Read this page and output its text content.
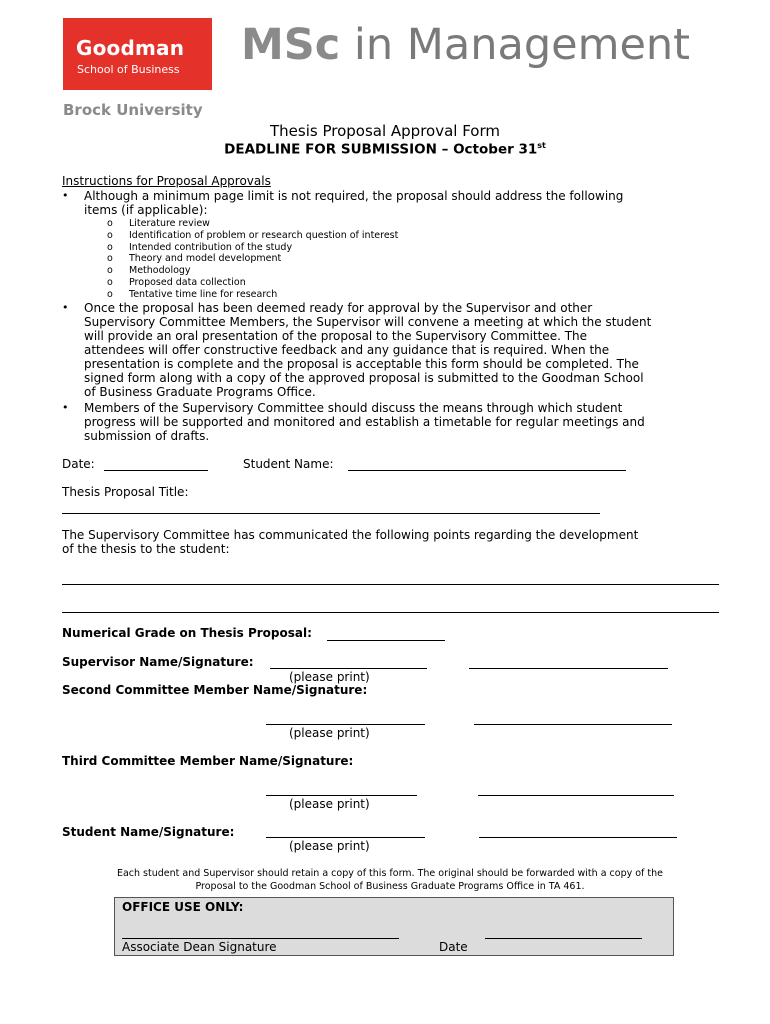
Goodman
School of Business MSc in Management
Brock University
Thesis Proposal Approval Form
DEADLINE FOR SUBMISSION – October 31st
Instructions for Proposal Approvals
• Although a minimum page limit is not required, the proposal should address the following
items (if applicable):
o Literature review
o Identification of problem or research question of interest
o Intended contribution of the study
o Theory and model development
o Methodology
o Proposed data collection
o Tentative time line for research
• Once the proposal has been deemed ready for approval by the Supervisor and other
Supervisory Committee Members, the Supervisor will convene a meeting at which the student
will provide an oral presentation of the proposal to the Supervisory Committee. The
attendees will offer constructive feedback and any guidance that is required. When the
presentation is complete and the proposal is acceptable this form should be completed. The
signed form along with a copy of the approved proposal is submitted to the Goodman School
of Business Graduate Programs Office.
• Members of the Supervisory Committee should discuss the means through which student
progress will be supported and monitored and establish a timetable for regular meetings and
submission of drafts.
Date:	Student Name:
Thesis Proposal Title:
The Supervisory Committee has communicated the following points regarding the development
of the thesis to the student:
Numerical Grade on Thesis Proposal:
Supervisor Name/Signature:
(please print)
Second Committee Member Name/Signature:
(please print)
Third Committee Member Name/Signature:
(please print)
Student Name/Signature:
(please print)
Each student and Supervisor should retain a copy of this form. The original should be forwarded with a copy of the
Proposal to the Goodman School of Business Graduate Programs Office in TA 461.
OFFICE USE ONLY:
Associate Dean Signature	Date
